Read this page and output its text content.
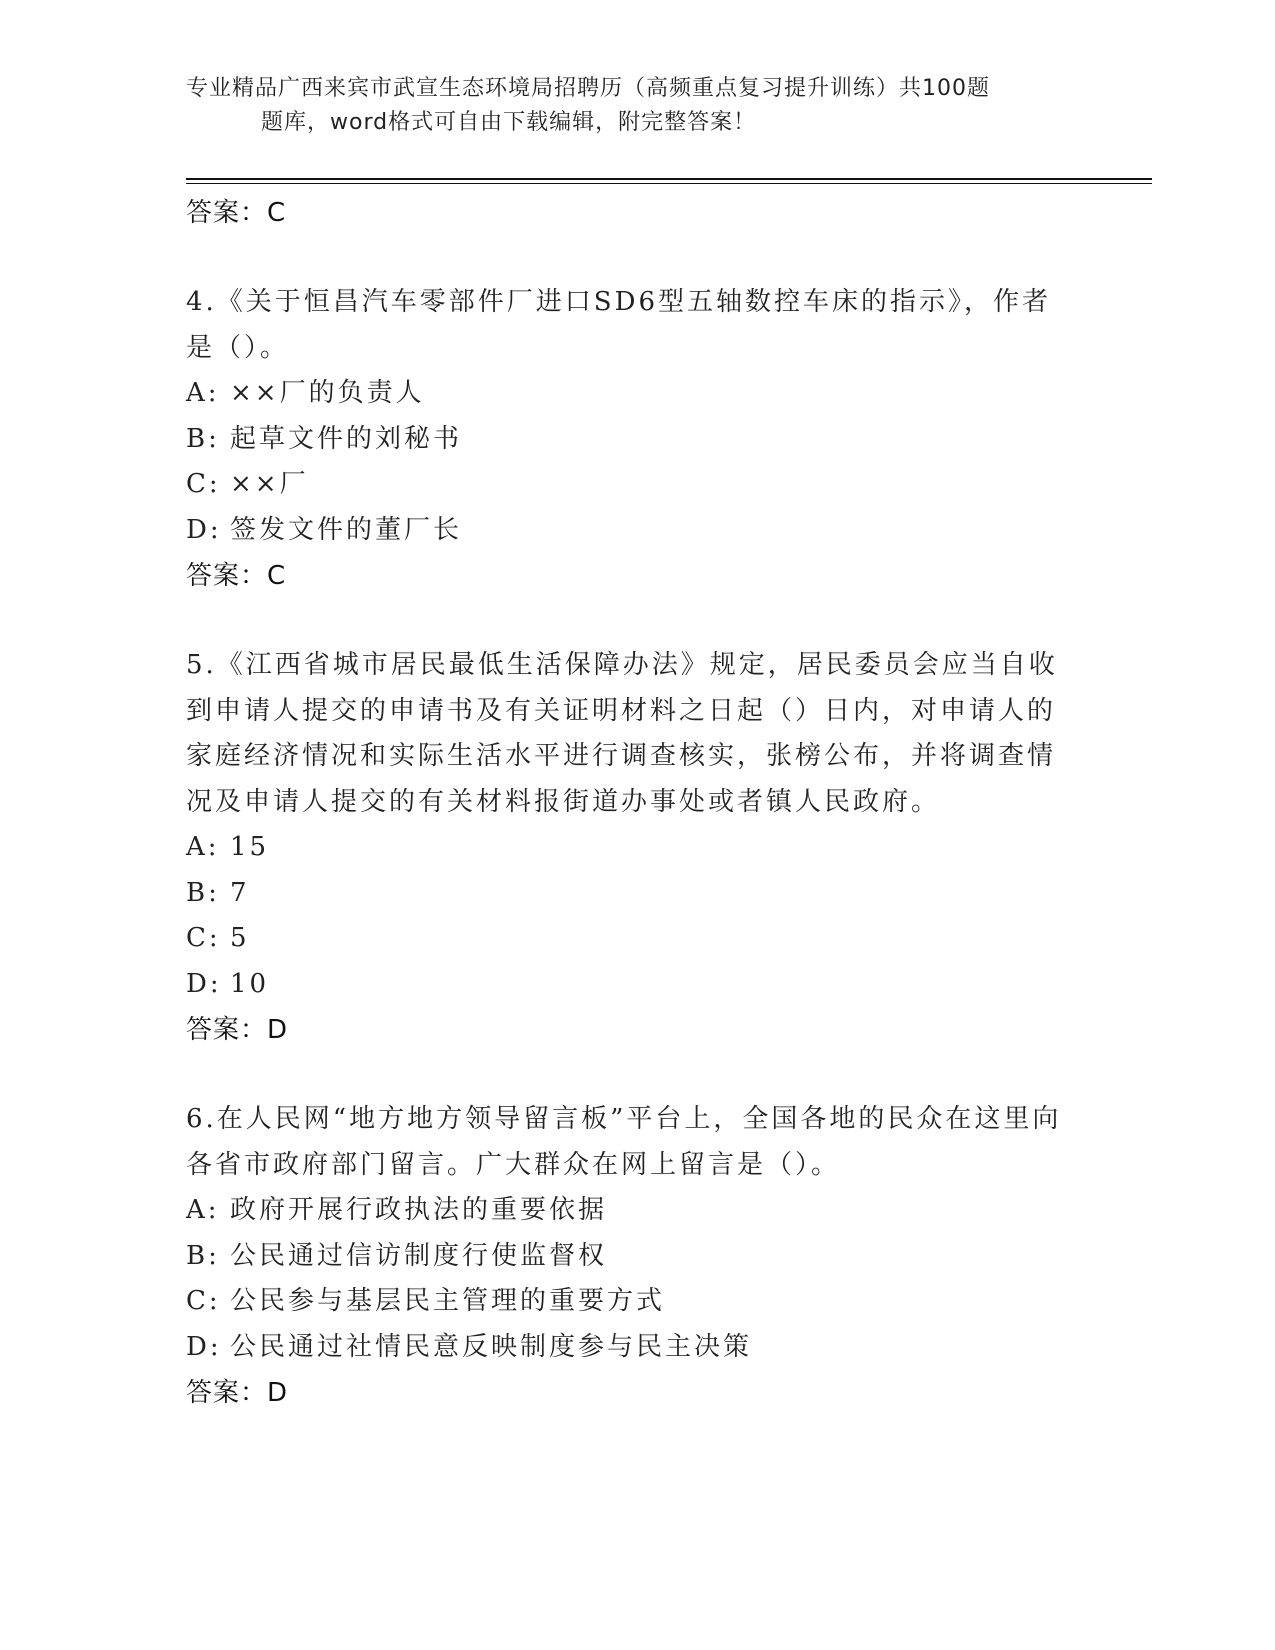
专业精品广西来宾市武宣生态环境局招聘历（高频重点复习提升训练）共100题
题库，word格式可自由下载编辑，附完整答案！
答案：C
4.《关于恒昌汽车零部件厂进口SD6型五轴数控车床的指示》，作者是（）。
A: ××厂的负责人
B: 起草文件的刘秘书
C: ××厂
D: 签发文件的董厂长
答案：C
5.《江西省城市居民最低生活保障办法》规定，居民委员会应当自收到申请人提交的申请书及有关证明材料之日起（）日内，对申请人的家庭经济情况和实际生活水平进行调查核实，张榜公布，并将调查情况及申请人提交的有关材料报街道办事处或者镇人民政府。
A: 15
B: 7
C: 5
D: 10
答案：D
6.在人民网“地方地方领导留言板”平台上，全国各地的民众在这里向各省市政府部门留言。广大群众在网上留言是（）。
A: 政府开展行政执法的重要依据
B: 公民通过信访制度行使监督权
C: 公民参与基层民主管理的重要方式
D: 公民通过社情民意反映制度参与民主决策
答案：D
